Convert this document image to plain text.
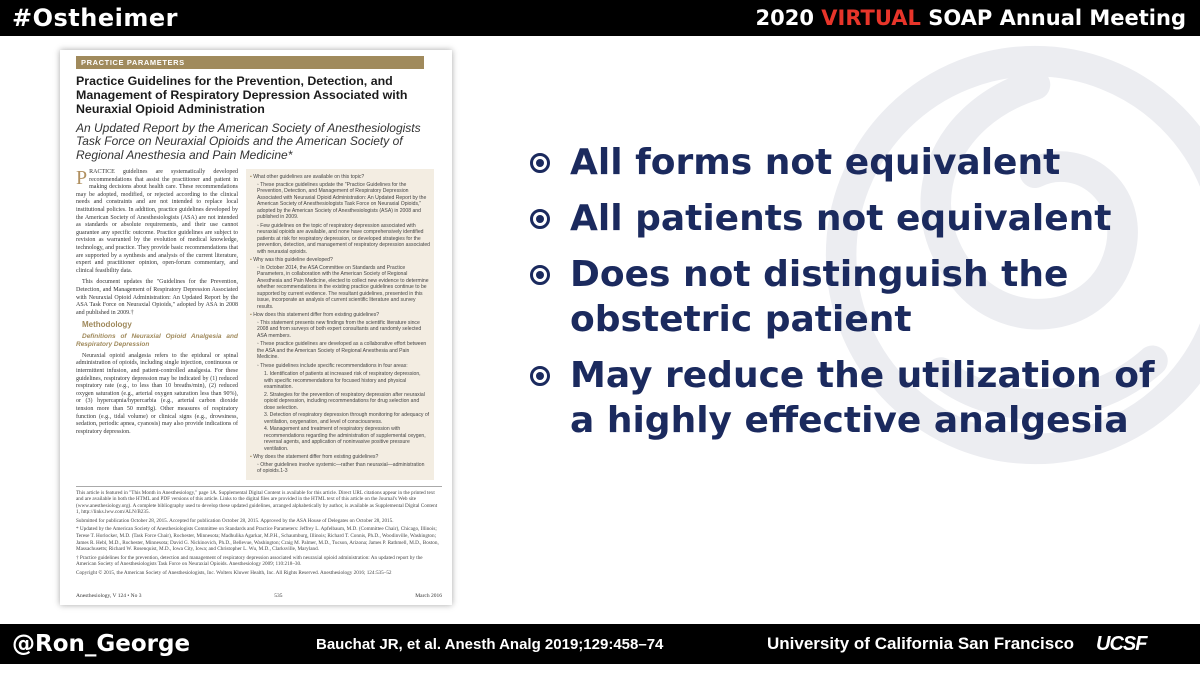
#Ostheimer	2020 VIRTUAL SOAP Annual Meeting
PRACTICE PARAMETERS
Practice Guidelines for the Prevention, Detection, and Management of Respiratory Depression Associated with Neuraxial Opioid Administration
An Updated Report by the American Society of Anesthesiologists Task Force on Neuraxial Opioids and the American Society of Regional Anesthesia and Pain Medicine*

PRACTICE guidelines are systematically developed recommendations that assist the practitioner and patient in making decisions about health care. These recommendations may be adopted, modified, or rejected according to the clinical needs and constraints and are not intended to replace local institutional policies. In addition, practice guidelines developed by the American Society of Anesthesiologists (ASA) are not intended as standards or absolute requirements, and their use cannot guarantee any specific outcome. Practice guidelines are subject to revision as warranted by the evolution of medical knowledge, technology, and practice. They provide basic recommendations that are supported by a synthesis and analysis of the current literature, expert and practitioner opinion, open-forum commentary, and clinical feasibility data.

This document updates the "Guidelines for the Prevention, Detection, and Management of Respiratory Depression Associated with Neuraxial Opioid Administration: An Updated Report by the ASA Task Force on Neuraxial Opioids," adopted by ASA in 2008 and published in 2009.†

Methodology

Definitions of Neuraxial Opioid Analgesia and Respiratory Depression

Neuraxial opioid analgesia refers to the epidural or spinal administration of opioids, including single injection, continuous or intermittent infusion, and patient-controlled analgesia. For these guidelines, respiratory depression may be indicated by (1) reduced respiratory rate (e.g., to less than 10 breaths/min), (2) reduced oxygen saturation (e.g., arterial oxygen saturation less than 90%), or (3) hypercapnia/hypercarbia (e.g., arterial carbon dioxide tension more than 50 mmHg). Other measures of respiratory function (e.g., tidal volume) or clinical signs (e.g., drowsiness, sedation, periodic apnea, cyanosis) may also provide indications of respiratory depression.

▪ What other guidelines are available on this topic?
◦ These practice guidelines update the "Practice Guidelines for the Prevention, Detection, and Management of Respiratory Depression Associated with Neuraxial Opioid Administration: An Updated Report by the American Society of Anesthesiologists Task Force on Neuraxial Opioids," adopted by the American Society of Anesthesiologists (ASA) in 2008 and published in 2009.
◦ Few guidelines on the topic of respiratory depression associated with neuraxial opioids are available, and none have comprehensively identified patients at risk for respiratory depression, or developed strategies for the prevention, detection, and management of respiratory depression associated with neuraxial opioids.
▪ Why was this guideline developed?
◦ In October 2014, the ASA Committee on Standards and Practice Parameters, in collaboration with the American Society of Regional Anesthesia and Pain Medicine, elected to collect new evidence to determine whether recommendations in the existing practice guidelines continue to be supported by current evidence. The resultant guidelines, presented in this issue, incorporate an analysis of current scientific literature and survey results.
▪ How does this statement differ from existing guidelines?
◦ This statement presents new findings from the scientific literature since 2008 and from surveys of both expert consultants and randomly selected ASA members.
◦ These practice guidelines are developed as a collaborative effort between the ASA and the American Society of Regional Anesthesia and Pain Medicine.
◦ These guidelines include specific recommendations in four areas:
1. Identification of patients at increased risk of respiratory depression, with specific recommendations for focused history and physical examination.
2. Strategies for the prevention of respiratory depression after neuraxial opioid depression, including recommendations for drug selection and dose selection.
3. Detection of respiratory depression through monitoring for adequacy of ventilation, oxygenation, and level of consciousness.
4. Management and treatment of respiratory depression with recommendations regarding the administration of supplemental oxygen, reversal agents, and application of noninvasive positive pressure ventilation.
▪ Why does the statement differ from existing guidelines?
◦ Other guidelines involve systemic—rather than neuraxial—administration of opioids.1-3

This article is featured in "This Month in Anesthesiology," page 1A. Supplemental Digital Content is available for this article. Direct URL citations appear in the printed text and are available in both the HTML and PDF versions of this article. Links to the digital files are provided in the HTML text of this article on the Journal's Web site (www.anesthesiology.org). A complete bibliography used to develop these updated guidelines, arranged alphabetically by author, is available as Supplemental Digital Content 1, http://links.lww.com/ALN/B235.

Submitted for publication October 28, 2015. Accepted for publication October 28, 2015. Approved by the ASA House of Delegates on October 28, 2015.

* Updated by the American Society of Anesthesiologists Committee on Standards and Practice Parameters: Jeffrey L. Apfelbaum, M.D. (Committee Chair), Chicago, Illinois; Terese T. Horlocker, M.D. (Task Force Chair), Rochester, Minnesota; Madhulika Agarkar, M.P.H., Schaumburg, Illinois; Richard T. Connis, Ph.D., Woodinville, Washington; James R. Hebl, M.D., Rochester, Minnesota; David G. Nickinovich, Ph.D., Bellevue, Washington; Craig M. Palmer, M.D., Tucson, Arizona; James P. Rathmell, M.D., Boston, Massachusetts; Richard W. Rosenquist, M.D., Iowa City, Iowa; and Christopher L. Wu, M.D., Clarksville, Maryland.

† Practice guidelines for the prevention, detection and management of respiratory depression associated with neuraxial opioid administration: An updated report by the American Society of Anesthesiologists Task Force on Neuraxial Opioids. Anesthesiology 2009; 110:218–30.

Copyright © 2015, the American Society of Anesthesiologists, Inc. Wolters Kluwer Health, Inc. All Rights Reserved. Anesthesiology 2016; 124:535–52

Anesthesiology, V 124 • No 3	535	March 2016
All forms not equivalent
All patients not equivalent
Does not distinguish the obstetric patient
May reduce the utilization of a highly effective analgesia
@Ron_George	Bauchat JR, et al. Anesth Analg 2019;129:458–74	University of California San Francisco UCSF
